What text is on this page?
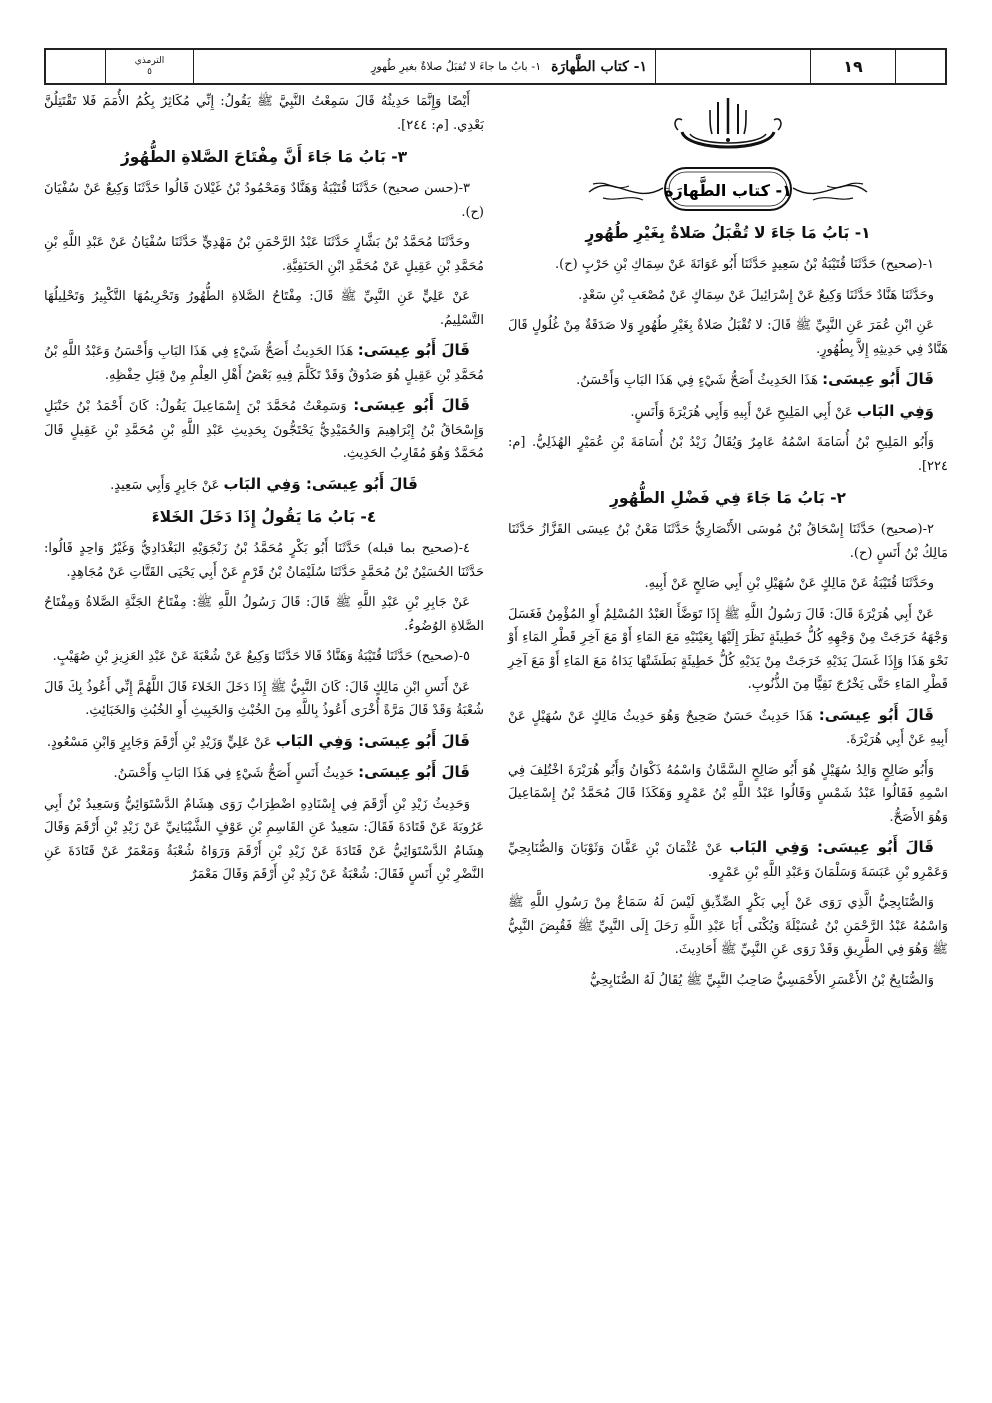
الترمذي
٥	١- كتاب الطَّهارَة
١- بابُ ما جاءَ لا تُقبَلُ صلاةٌ بغيرِ طُهورٍ	١٩
١- كتاب الطَّهارَة
١- بَابُ مَا جَاءَ لا تُقْبَلُ صَلاةٌ بِغَيْرِ طُهُورٍ

١-(صحيح) حَدَّثَنَا قُتَيْبَةُ بْنُ سَعِيدٍ حَدَّثَنَا أَبُو عَوَانَةَ عَنْ سِمَاكِ بْنِ حَرْبٍ (ح).

وحَدَّثَنَا هَنَّادٌ حَدَّثَنَا وَكِيعٌ عَنْ إِسْرَائِيلَ عَنْ سِمَاكٍ عَنْ مُصْعَبِ بْنِ سَعْدٍ.

عَنِ ابْنِ عُمَرَ عَنِ النَّبِيِّ ﷺ قَالَ: لا تُقْبَلُ صَلاةٌ بِغَيْرِ طُهُورٍ وَلا صَدَقَةٌ مِنْ غُلُولٍ قَالَ هَنَّادٌ فِي حَدِيثِهِ إِلاَّ بِطُهُورٍ.

قَالَ أَبُو عِيسَى: هَذَا الحَدِيثُ أَصَحُّ شَيْءٍ فِي هَذَا البَابِ وَأَحْسَنُ.

وَفِي البَاب عَنْ أَبِي المَلِيحِ عَنْ أَبِيهِ وَأَبِي هُرَيْرَةَ وَأَنَسٍ.

وَأَبُو المَلِيحِ بْنُ أُسَامَةَ اسْمُهُ عَامِرٌ وَيُقَالُ زَيْدُ بْنُ أُسَامَةَ بْنِ عُمَيْرٍ الهُذَلِيُّ. [م: ٢٢٤].

٢- بَابُ مَا جَاءَ فِي فَضْلِ الطُّهُورِ

٢-(صحيح) حَدَّثَنَا إِسْحَاقُ بْنُ مُوسَى الأَنْصَارِيُّ حَدَّثَنَا مَعْنُ بْنُ عِيسَى القَزَّازُ حَدَّثَنَا مَالِكُ بْنُ أَنَسٍ (ح).

وحَدَّثَنَا قُتَيْبَةُ عَنْ مَالِكٍ عَنْ سُهَيْلِ بْنِ أَبِي صَالِحٍ عَنْ أَبِيهِ.

عَنْ أَبِي هُرَيْرَةَ قَالَ: قَالَ رَسُولُ اللَّهِ ﷺ إِذَا تَوَضَّأَ العَبْدُ المُسْلِمُ أَوِ المُؤْمِنُ فَغَسَلَ وَجْهَهُ خَرَجَتْ مِنْ وَجْهِهِ كُلُّ خَطِيئَةٍ نَظَرَ إِلَيْهَا بِعَيْنَيْهِ مَعَ المَاءِ أَوْ مَعَ آخِرِ قَطْرِ المَاءِ أَوْ نَحْوَ هَذَا وَإِذَا غَسَلَ يَدَيْهِ خَرَجَتْ مِنْ يَدَيْهِ كُلُّ خَطِيئَةٍ بَطَشَتْهَا يَدَاهُ مَعَ المَاءِ أَوْ مَعَ آخِرِ قَطْرِ المَاءِ حَتَّى يَخْرُجَ نَقِيًّا مِنَ الذُّنُوبِ.

قَالَ أَبُو عِيسَى: هَذَا حَدِيثٌ حَسَنٌ صَحِيحٌ وَهُوَ حَدِيثُ مَالِكٍ عَنْ سُهَيْلٍ عَنْ أَبِيهِ عَنْ أَبِي هُرَيْرَةَ.

وَأَبُو صَالِحٍ وَالِدُ سُهَيْلٍ هُوَ أَبُو صَالِحٍ السَّمَّانُ وَاسْمُهُ ذَكْوَانُ وَأَبُو هُرَيْرَةَ اخْتُلِفَ فِي اسْمِهِ فَقَالُوا عَبْدُ شَمْسٍ وَقَالُوا عَبْدُ اللَّهِ بْنُ عَمْرٍو وَهَكَذَا قَالَ مُحَمَّدُ بْنُ إِسْمَاعِيلَ وَهُوَ الأَصَحُّ.

قَالَ أَبُو عِيسَى: وَفِي البَاب عَنْ عُثْمَانَ بْنِ عَفَّانَ وَثَوْبَانَ وَالصُّنَابِحِيِّ وَعَمْرِو بْنِ عَبَسَةَ وَسَلْمَانَ وَعَبْدِ اللَّهِ بْنِ عَمْرٍو.

وَالصُّنَابِحِيُّ الَّذِي رَوَى عَنْ أَبِي بَكْرٍ الصِّدِّيقِ لَيْسَ لَهُ سَمَاعٌ مِنْ رَسُولِ اللَّهِ ﷺ وَاسْمُهُ عَبْدُ الرَّحْمَنِ بْنُ عُسَيْلَةَ وَيُكْنَى أَبَا عَبْدِ اللَّهِ رَحَلَ إِلَى النَّبِيِّ ﷺ فَقُبِضَ النَّبِيُّ ﷺ وَهُوَ فِي الطَّرِيقِ وَقَدْ رَوَى عَنِ النَّبِيِّ ﷺ أَحَادِيثَ.

وَالصُّنَابِحُ بْنُ الأَعْسَرِ الأَحْمَسِيُّ صَاحِبُ النَّبِيِّ ﷺ يُقَالُ لَهُ الصُّنَابِحِيُّ

أَيْضًا وَإِنَّمَا حَدِيثُهُ قَالَ سَمِعْتُ النَّبِيَّ ﷺ يَقُولُ: إِنِّي مُكَاثِرٌ بِكُمُ الأُمَمَ فَلا تَقْتَتِلُنَّ بَعْدِي. [م: ٢٤٤].

٣- بَابُ مَا جَاءَ أَنَّ مِفْتَاحَ الصَّلاةِ الطُّهُورُ

٣-(حسن صحيح) حَدَّثَنَا قُتَيْبَةُ وَهَنَّادٌ وَمَحْمُودُ بْنُ غَيْلانَ قَالُوا حَدَّثَنَا وَكِيعٌ عَنْ سُفْيَانَ (ح).

وحَدَّثَنَا مُحَمَّدُ بْنُ بَشَّارٍ حَدَّثَنَا عَبْدُ الرَّحْمَنِ بْنُ مَهْدِيٍّ حَدَّثَنَا سُفْيَانُ عَنْ عَبْدِ اللَّهِ بْنِ مُحَمَّدِ بْنِ عَقِيلٍ عَنْ مُحَمَّدِ ابْنِ الحَنَفِيَّةِ.

عَنْ عَلِيٍّ عَنِ النَّبِيِّ ﷺ قَالَ: مِفْتَاحُ الصَّلاةِ الطُّهُورُ وَتَحْرِيمُهَا التَّكْبِيرُ وَتَحْلِيلُهَا التَّسْلِيمُ.

قَالَ أَبُو عِيسَى: هَذَا الحَدِيثُ أَصَحُّ شَيْءٍ فِي هَذَا البَابِ وَأَحْسَنُ وَعَبْدُ اللَّهِ بْنُ مُحَمَّدِ بْنِ عَقِيلٍ هُوَ صَدُوقٌ وَقَدْ تَكَلَّمَ فِيهِ بَعْضُ أَهْلِ العِلْمِ مِنْ قِبَلِ حِفْظِهِ.

قَالَ أَبُو عِيسَى: وَسَمِعْتُ مُحَمَّدَ بْنَ إِسْمَاعِيلَ يَقُولُ: كَانَ أَحْمَدُ بْنُ حَنْبَلٍ وَإِسْحَاقُ بْنُ إِبْرَاهِيمَ وَالحُمَيْدِيُّ يَحْتَجُّونَ بِحَدِيثِ عَبْدِ اللَّهِ بْنِ مُحَمَّدِ بْنِ عَقِيلٍ قَالَ مُحَمَّدٌ وَهُوَ مُقَارِبُ الحَدِيثِ.

قَالَ أَبُو عِيسَى: وَفِي البَاب عَنْ جَابِرٍ وَأَبِي سَعِيدٍ.

٤- بَابُ مَا يَقُولُ إِذَا دَخَلَ الخَلاءَ

٤-(صحيح بما قبله) حَدَّثَنَا أَبُو بَكْرٍ مُحَمَّدُ بْنُ زَنْجَوَيْهِ البَغْدَادِيُّ وَغَيْرُ وَاحِدٍ قَالُوا: حَدَّثَنَا الحُسَيْنُ بْنُ مُحَمَّدٍ حَدَّثَنَا سُلَيْمَانُ بْنُ قَرْمٍ عَنْ أَبِي يَحْيَى القَتَّاتِ عَنْ مُجَاهِدٍ.

عَنْ جَابِرِ بْنِ عَبْدِ اللَّهِ ﷺ قَالَ: قَالَ رَسُولُ اللَّهِ ﷺ: مِفْتَاحُ الجَنَّةِ الصَّلاةُ وَمِفْتَاحُ الصَّلاةِ الوُضُوءُ.

٥-(صحيح) حَدَّثَنَا قُتَيْبَةُ وَهَنَّادٌ قَالا حَدَّثَنَا وَكِيعٌ عَنْ شُعْبَةَ عَنْ عَبْدِ العَزِيزِ بْنِ صُهَيْبٍ.

عَنْ أَنَسِ ابْنِ مَالِكٍ قَالَ: كَانَ النَّبِيُّ ﷺ إِذَا دَخَلَ الخَلاءَ قَالَ اللَّهُمَّ إِنِّي أَعُوذُ بِكَ قَالَ شُعْبَةُ وَقَدْ قَالَ مَرَّةً أُخْرَى أَعُوذُ بِاللَّهِ مِنَ الخُبْثِ وَالخَبِيثِ أَوِ الخُبُثِ وَالخَبَائِثِ.

قَالَ أَبُو عِيسَى: وَفِي البَاب عَنْ عَلِيٍّ وَزَيْدِ بْنِ أَرْقَمَ وَجَابِرٍ وَابْنِ مَسْعُودٍ.

قَالَ أَبُو عِيسَى: حَدِيثُ أَنَسٍ أَصَحُّ شَيْءٍ فِي هَذَا البَابِ وَأَحْسَنُ.

وَحَدِيثُ زَيْدِ بْنِ أَرْقَمَ فِي إِسْنَادِهِ اضْطِرَابٌ رَوَى هِشَامٌ الدَّسْتَوَائِيُّ وَسَعِيدُ بْنُ أَبِي عَرُوبَةَ عَنْ قَتَادَةَ فَقَالَ: سَعِيدٌ عَنِ القَاسِمِ بْنِ عَوْفٍ الشَّيْبَانِيِّ عَنْ زَيْدِ بْنِ أَرْقَمَ وَقَالَ هِشَامٌ الدَّسْتَوَائِيُّ عَنْ قَتَادَةَ عَنْ زَيْدِ بْنِ أَرْقَمَ وَرَوَاهُ شُعْبَةُ وَمَعْمَرٌ عَنْ قَتَادَةَ عَنِ النَّضْرِ بْنِ أَنَسٍ فَقَالَ: شُعْبَةُ عَنْ زَيْدِ بْنِ أَرْقَمَ وَقَالَ مَعْمَرٌ
